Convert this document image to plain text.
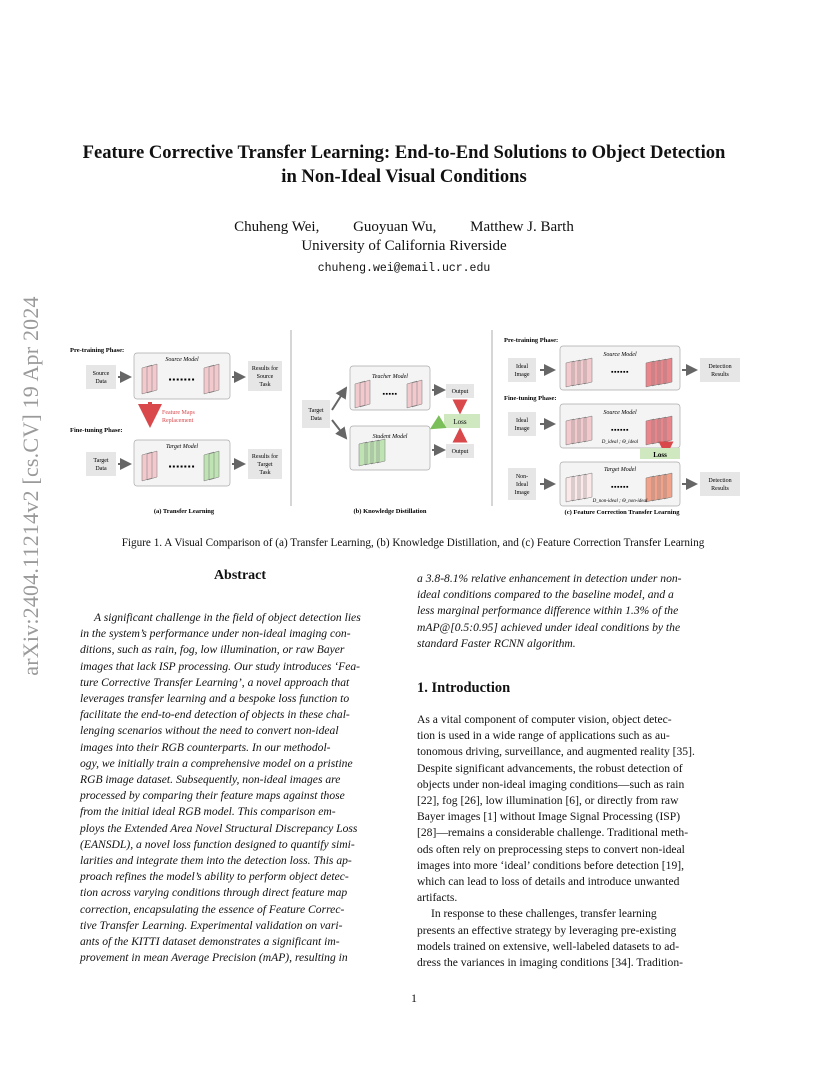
arXiv:2404.11214v2 [cs.CV] 19 Apr 2024
Feature Corrective Transfer Learning: End-to-End Solutions to Object Detection in Non-Ideal Visual Conditions
Chuheng Wei, Guoyuan Wu, Matthew J. Barth
University of California Riverside
chuheng.wei@email.ucr.edu
Pre-training Phase:
Source
Data
Source Model
▪▪▪▪▪▪▪
Results for
Source
Task
Feature Maps
Replacement
Fine-tuning Phase:
Target
Data
Target Model
▪▪▪▪▪▪▪
Results for
Target
Task
(a) Transfer Learning
Target
Data
Teacher Model
▪▪▪▪▪	Output
Loss
Student Model
Output
(b) Knowledge Distillation
Pre-training Phase:
Ideal
Image
Source Model
▪▪▪▪▪▪
Detection
Results
Fine-tuning Phase:
Ideal
Image
Source Model
▪▪▪▪▪▪
D_ideal ; Θ_ideal
Loss
Non-
Ideal
Image
Target Model
▪▪▪▪▪▪
D_non-ideal ; Θ_non-ideal
Detection
Results
(c) Feature Correction Transfer Learning
Figure 1. A Visual Comparison of (a) Transfer Learning, (b) Knowledge Distillation, and (c) Feature Correction Transfer Learning
Abstract

A significant challenge in the field of object detection lies

in the system’s performance under non-ideal imaging con-

ditions, such as rain, fog, low illumination, or raw Bayer

images that lack ISP processing. Our study introduces ‘Fea-

ture Corrective Transfer Learning’, a novel approach that

leverages transfer learning and a bespoke loss function to

facilitate the end-to-end detection of objects in these chal-

lenging scenarios without the need to convert non-ideal

images into their RGB counterparts. In our methodol-

ogy, we initially train a comprehensive model on a pristine

RGB image dataset. Subsequently, non-ideal images are

processed by comparing their feature maps against those

from the initial ideal RGB model. This comparison em-

ploys the Extended Area Novel Structural Discrepancy Loss

(EANSDL), a novel loss function designed to quantify simi-

larities and integrate them into the detection loss. This ap-

proach refines the model’s ability to perform object detec-

tion across varying conditions through direct feature map

correction, encapsulating the essence of Feature Correc-

tive Transfer Learning. Experimental validation on vari-

ants of the KITTI dataset demonstrates a significant im-

provement in mean Average Precision (mAP), resulting in

a 3.8-8.1% relative enhancement in detection under non-

ideal conditions compared to the baseline model, and a

less marginal performance difference within 1.3% of the

mAP@[0.5:0.95] achieved under ideal conditions by the

standard Faster RCNN algorithm.

1. Introduction

As a vital component of computer vision, object detec-

tion is used in a wide range of applications such as au-

tonomous driving, surveillance, and augmented reality [35].

Despite significant advancements, the robust detection of

objects under non-ideal imaging conditions—such as rain

[22], fog [26], low illumination [6], or directly from raw

Bayer images [1] without Image Signal Processing (ISP)

[28]—remains a considerable challenge. Traditional meth-

ods often rely on preprocessing steps to convert non-ideal

images into more ‘ideal’ conditions before detection [19],

which can lead to loss of details and introduce unwanted

artifacts.

In response to these challenges, transfer learning

presents an effective strategy by leveraging pre-existing

models trained on extensive, well-labeled datasets to ad-

dress the variances in imaging conditions [34]. Tradition-

1
